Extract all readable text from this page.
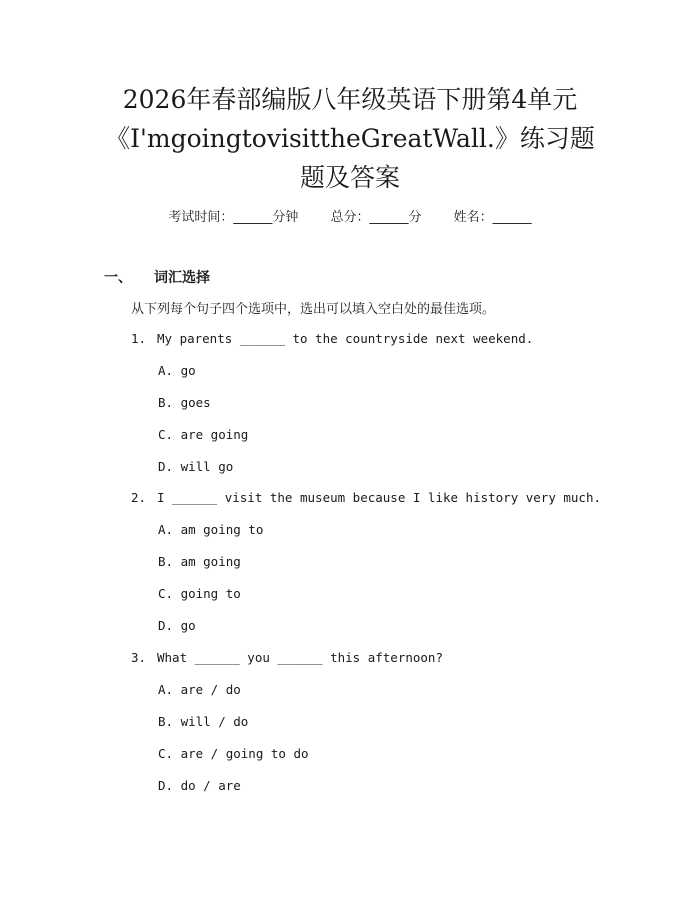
2026年春部编版八年级英语下册第4单元
《I'mgoingtovisittheGreatWall.》练习题
题及答案
考试时间：______分钟 总分：______分 姓名：______
一、 词汇选择
从下列每个句子四个选项中，选出可以填入空白处的最佳选项。
1. My parents ______ to the countryside next weekend.
A. go
B. goes
C. are going
D. will go
2. I ______ visit the museum because I like history very much.
A. am going to
B. am going
C. going to
D. go
3. What ______ you ______ this afternoon?
A. are / do
B. will / do
C. are / going to do
D. do / are
